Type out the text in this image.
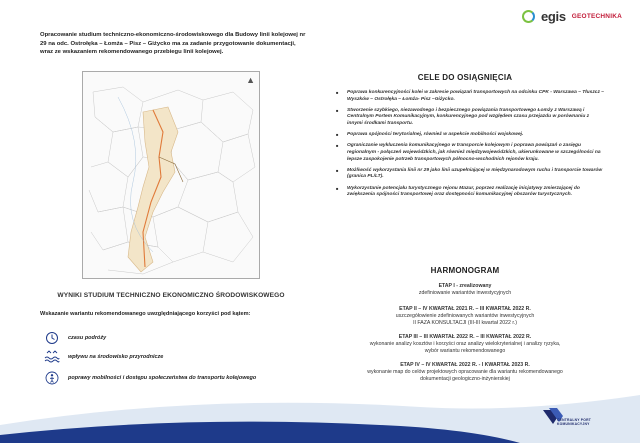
egis GEOTECHNIKA

Opracowanie studium techniczno-ekonomiczno-środowiskowego dla Budowy linii kolejowej nr 29 na odc. Ostrołęka – Łomża – Pisz – Giżycko ma za zadanie przygotowanie dokumentacji, wraz ze wskazaniem rekomendowanego przebiegu linii kolejowej.

▲
WYNIKI STUDIUM TECHNICZNO EKONOMICZNO ŚRODOWISKOWEGO
Wskazanie wariantu rekomendowanego uwzględniającego korzyści pod kątem:
czasu podróży
wpływu na środowisko przyrodnicze
poprawy mobilności i dostępu społeczeństwa do transportu kolejowego
CELE DO OSIĄGNIĘCIA
■ Poprawa konkurencyjności kolei w zakresie powiązań transportowych na odcinku CPK - Warszawa – Tłuszcz – Wyszków – Ostrołęka – Łomża- Pisz –Giżycko.
■ Stworzenie szybkiego, niezawodnego i bezpiecznego powiązania transportowego Łomży z Warszawą i Centralnym Portem Komunikacyjnym, konkurencyjnego pod względem czasu przejazdu w porównaniu z innymi środkami transportu.
■ Poprawa spójności terytorialnej, również w aspekcie mobilności wojskowej.
■ Ograniczanie wykluczenia komunikacyjnego w transporcie kolejowym i poprawa powiązań o zasięgu regionalnym - połączeń wojewódzkich, jak również międzywojewódzkich, ukierunkowane w szczególności na lepsze zaspokojenie potrzeb transportowych północno-wschodnich rejonów kraju.
■ Możliwość wykorzystania linii nr 29 jako linii uzupełniającej w międzynarodowym ruchu i transporcie towarów (granica PL/LT).
■ Wykorzystanie potencjału turystycznego rejonu Mazur, poprzez realizację inicjatywy zmierzającej do zwiększenia spójności transportowej oraz dostępności komunikacyjnej obszarów turystycznych.
HARMONOGRAM
ETAP I - zrealizowany
zdefiniowanie wariantów inwestycyjnych
ETAP II – IV KWARTAŁ 2021 R. – III KWARTAŁ 2022 R.
uszczegółowienie zdefiniowanych wariantów inwestycyjnych
II FAZA KONSULTACJI (III-III kwartał 2022 r.)
ETAP III – III KWARTAŁ 2022 R. – III KWARTAŁ 2022 R.
wykonanie analizy kosztów i korzyści oraz analizy wielokryterialnej i analizy ryzyka,
wybór wariantu rekomendowanego
ETAP IV – IV KWARTAŁ 2022 R. - I KWARTAŁ 2023 R.
wykonanie map do celów projektowych opracowanie dla wariantu rekomendowanego
dokumentacji geologiczno-inżynierskiej
CENTRALNY PORT
KOMUNIKACYJNY
